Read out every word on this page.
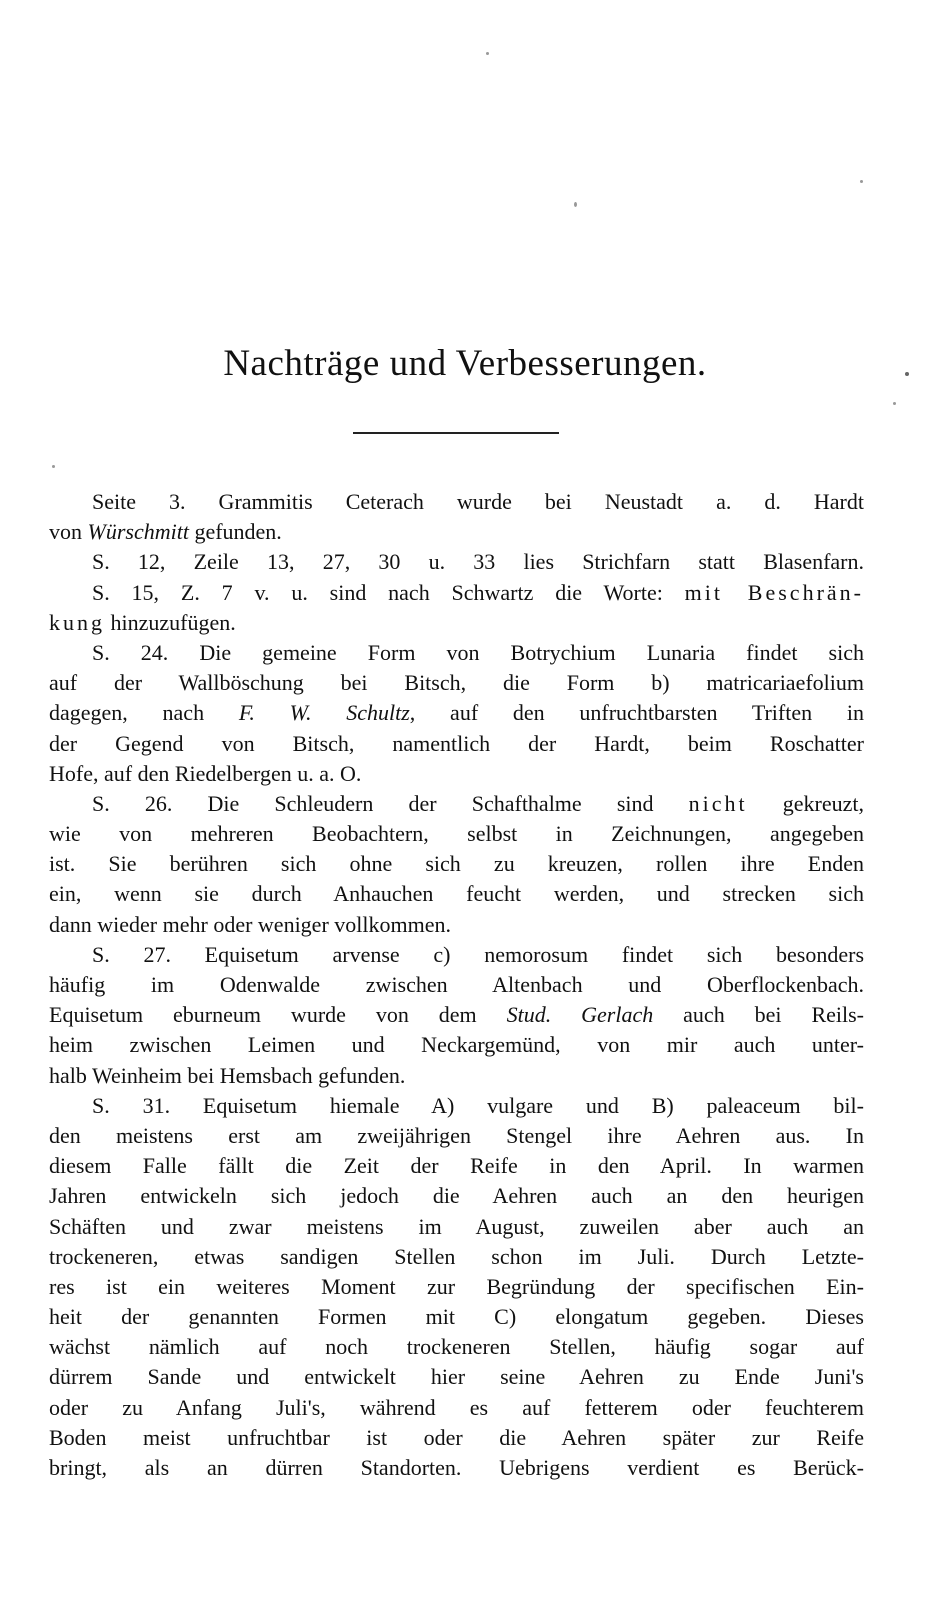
Nachträge und Verbesserungen.
Seite 3. Grammitis Ceterach wurde bei Neustadt a. d. Hardt
von Würschmitt gefunden.
S. 12, Zeile 13, 27, 30 u. 33 lies Strichfarn statt Blasenfarn.
S. 15, Z. 7 v. u. sind nach Schwartz die Worte: mit Beschrän-
kung hinzuzufügen.
S. 24. Die gemeine Form von Botrychium Lunaria findet sich
auf der Wallböschung bei Bitsch, die Form b) matricariaefolium
dagegen, nach F. W. Schultz, auf den unfruchtbarsten Triften in
der Gegend von Bitsch, namentlich der Hardt, beim Roschatter
Hofe, auf den Riedelbergen u. a. O.
S. 26. Die Schleudern der Schafthalme sind nicht gekreuzt,
wie von mehreren Beobachtern, selbst in Zeichnungen, angegeben
ist. Sie berühren sich ohne sich zu kreuzen, rollen ihre Enden
ein, wenn sie durch Anhauchen feucht werden, und strecken sich
dann wieder mehr oder weniger vollkommen.
S. 27. Equisetum arvense c) nemorosum findet sich besonders
häufig im Odenwalde zwischen Altenbach und Oberflockenbach.
Equisetum eburneum wurde von dem Stud. Gerlach auch bei Reils-
heim zwischen Leimen und Neckargemünd, von mir auch unter-
halb Weinheim bei Hemsbach gefunden.
S. 31. Equisetum hiemale A) vulgare und B) paleaceum bil-
den meistens erst am zweijährigen Stengel ihre Aehren aus. In
diesem Falle fällt die Zeit der Reife in den April. In warmen
Jahren entwickeln sich jedoch die Aehren auch an den heurigen
Schäften und zwar meistens im August, zuweilen aber auch an
trockeneren, etwas sandigen Stellen schon im Juli. Durch Letzte-
res ist ein weiteres Moment zur Begründung der specifischen Ein-
heit der genannten Formen mit C) elongatum gegeben. Dieses
wächst nämlich auf noch trockeneren Stellen, häufig sogar auf
dürrem Sande und entwickelt hier seine Aehren zu Ende Juni's
oder zu Anfang Juli's, während es auf fetterem oder feuchterem
Boden meist unfruchtbar ist oder die Aehren später zur Reife
bringt, als an dürren Standorten. Uebrigens verdient es Berück-
